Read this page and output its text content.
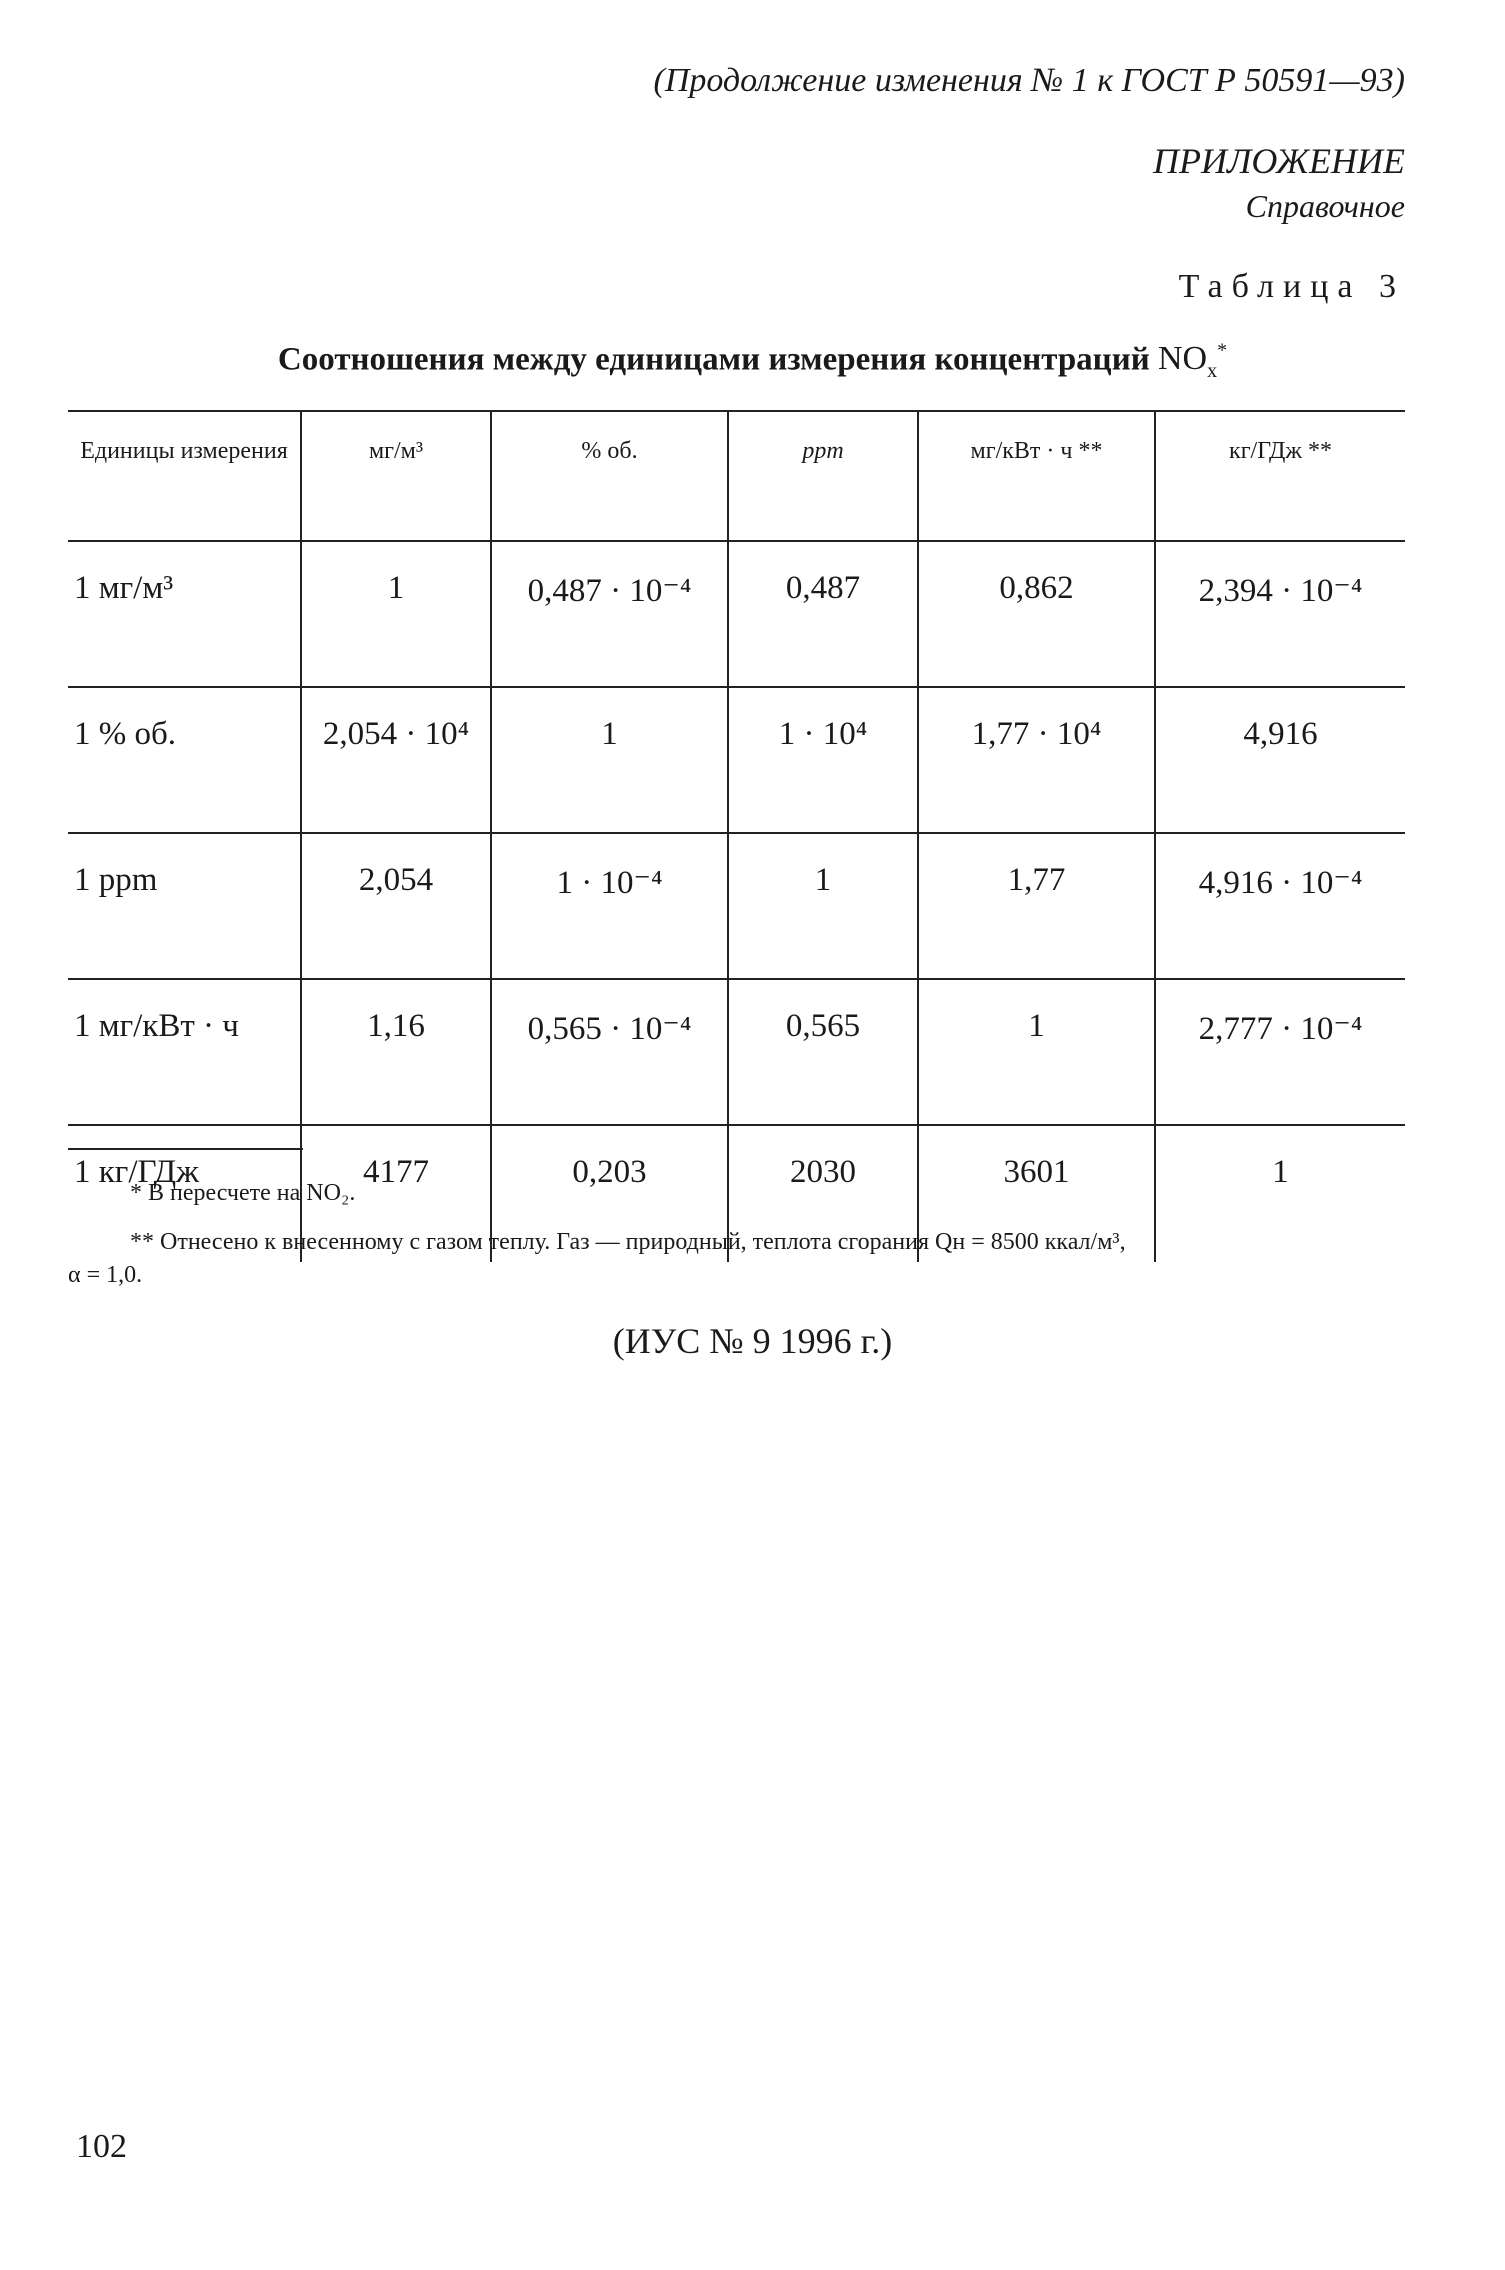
(Продолжение изменения № 1 к ГОСТ Р 50591—93)
ПРИЛОЖЕНИЕ
Справочное
Таблица 3
Соотношения между единицами измерения концентраций $NO_x^*$
Единицы измерения	мг/м³	% об.	ppm	мг/кВт · ч **	кг/ГДж **
1 мг/м³	1	0,487 · 10⁻⁴	0,487	0,862	2,394 · 10⁻⁴
1 % об.	2,054 · 10⁴	1	1 · 10⁴	1,77 · 10⁴	4,916
1 ppm	2,054	1 · 10⁻⁴	1	1,77	4,916 · 10⁻⁴
1 мг/кВт · ч	1,16	0,565 · 10⁻⁴	0,565	1	2,777 · 10⁻⁴
1 кг/ГДж	4177	0,203	2030	3601	1
* В пересчете на NO₂.
** Отнесено к внесенному с газом теплу. Газ — природный, теплота сгорания Qн = 8500 ккал/м³,
α = 1,0.
(ИУС № 9 1996 г.)
102
